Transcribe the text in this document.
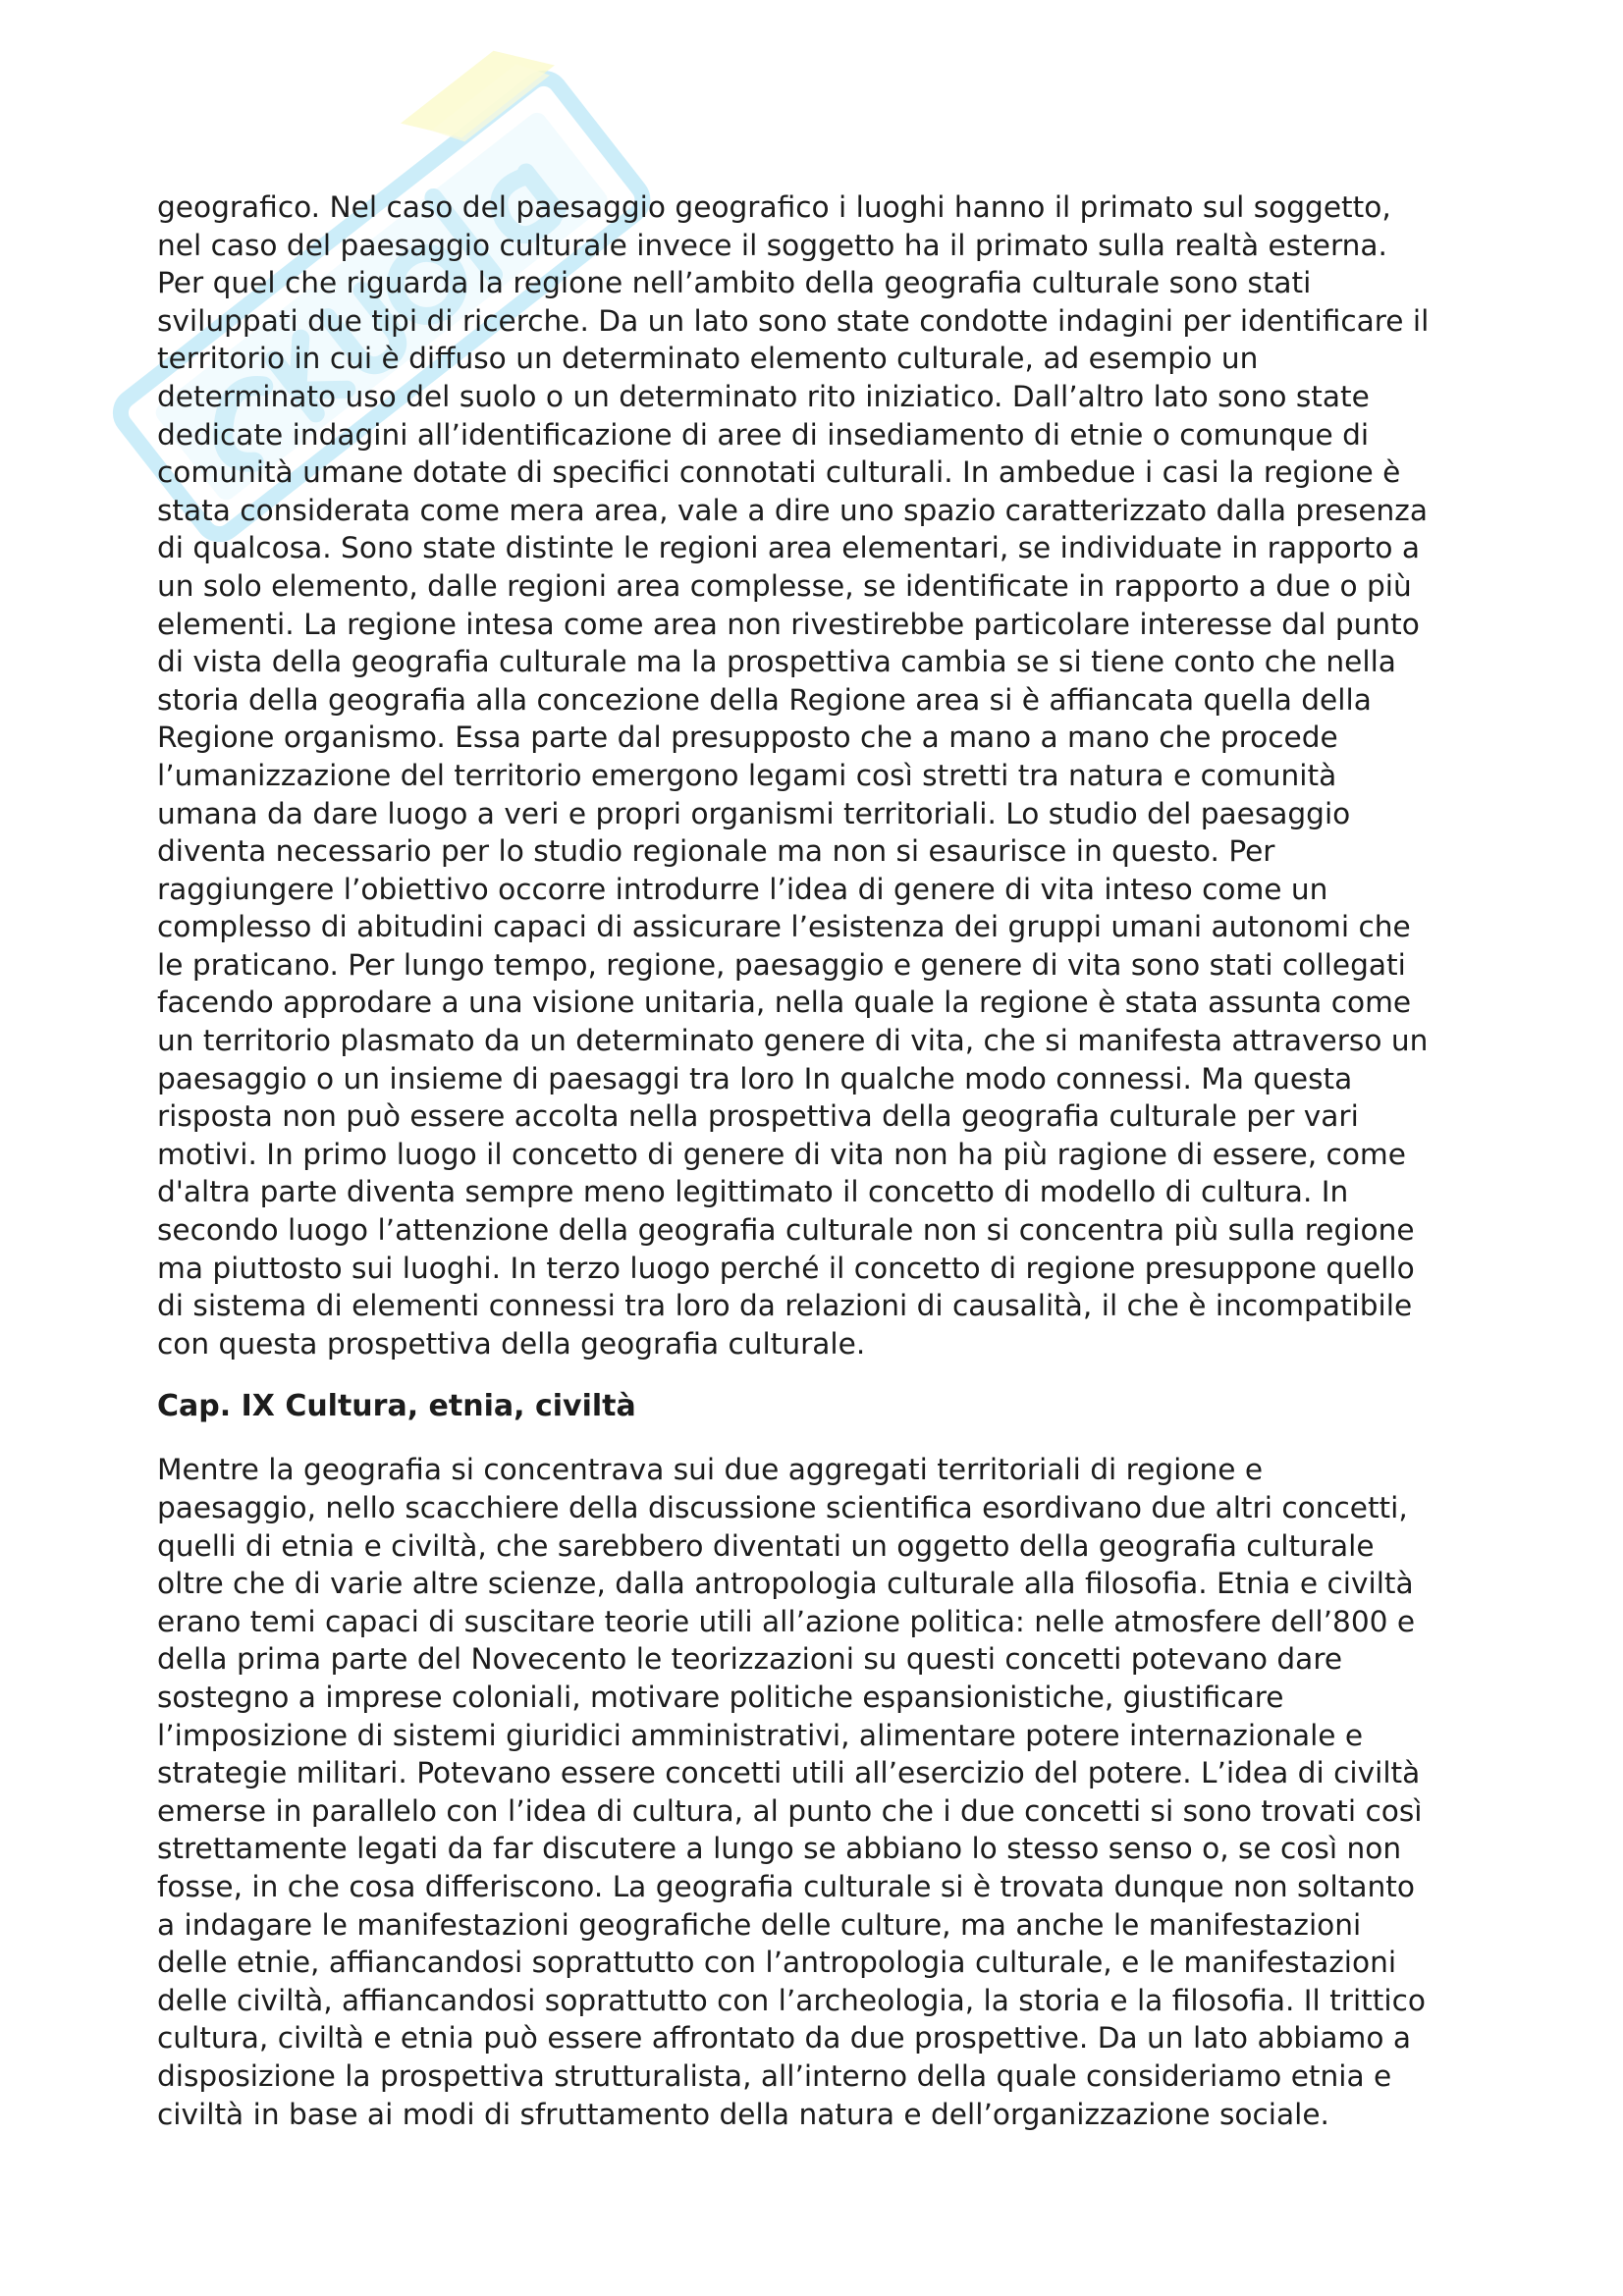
geografico. Nel caso del paesaggio geografico i luoghi hanno il primato sul soggetto,
nel caso del paesaggio culturale invece il soggetto ha il primato sulla realtà esterna.
Per quel che riguarda la regione nell’ambito della geografia culturale sono stati
sviluppati due tipi di ricerche. Da un lato sono state condotte indagini per identificare il
territorio in cui è diffuso un determinato elemento culturale, ad esempio un
determinato uso del suolo o un determinato rito iniziatico. Dall’altro lato sono state
dedicate indagini all’identificazione di aree di insediamento di etnie o comunque di
comunità umane dotate di specifici connotati culturali. In ambedue i casi la regione è
stata considerata come mera area, vale a dire uno spazio caratterizzato dalla presenza
di qualcosa. Sono state distinte le regioni area elementari, se individuate in rapporto a
un solo elemento, dalle regioni area complesse, se identificate in rapporto a due o più
elementi. La regione intesa come area non rivestirebbe particolare interesse dal punto
di vista della geografia culturale ma la prospettiva cambia se si tiene conto che nella
storia della geografia alla concezione della Regione area si è affiancata quella della
Regione organismo. Essa parte dal presupposto che a mano a mano che procede
l’umanizzazione del territorio emergono legami così stretti tra natura e comunità
umana da dare luogo a veri e propri organismi territoriali. Lo studio del paesaggio
diventa necessario per lo studio regionale ma non si esaurisce in questo. Per
raggiungere l’obiettivo occorre introdurre l’idea di genere di vita inteso come un
complesso di abitudini capaci di assicurare l’esistenza dei gruppi umani autonomi che
le praticano. Per lungo tempo, regione, paesaggio e genere di vita sono stati collegati
facendo approdare a una visione unitaria, nella quale la regione è stata assunta come
un territorio plasmato da un determinato genere di vita, che si manifesta attraverso un
paesaggio o un insieme di paesaggi tra loro In qualche modo connessi. Ma questa
risposta non può essere accolta nella prospettiva della geografia culturale per vari
motivi. In primo luogo il concetto di genere di vita non ha più ragione di essere, come
d'altra parte diventa sempre meno legittimato il concetto di modello di cultura. In
secondo luogo l’attenzione della geografia culturale non si concentra più sulla regione
ma piuttosto sui luoghi. In terzo luogo perché il concetto di regione presuppone quello
di sistema di elementi connessi tra loro da relazioni di causalità, il che è incompatibile
con questa prospettiva della geografia culturale.

Cap. IX Cultura, etnia, civiltà

Mentre la geografia si concentrava sui due aggregati territoriali di regione e
paesaggio, nello scacchiere della discussione scientifica esordivano due altri concetti,
quelli di etnia e civiltà, che sarebbero diventati un oggetto della geografia culturale
oltre che di varie altre scienze, dalla antropologia culturale alla filosofia. Etnia e civiltà
erano temi capaci di suscitare teorie utili all’azione politica: nelle atmosfere dell’800 e
della prima parte del Novecento le teorizzazioni su questi concetti potevano dare
sostegno a imprese coloniali, motivare politiche espansionistiche, giustificare
l’imposizione di sistemi giuridici amministrativi, alimentare potere internazionale e
strategie militari. Potevano essere concetti utili all’esercizio del potere. L’idea di civiltà
emerse in parallelo con l’idea di cultura, al punto che i due concetti si sono trovati così
strettamente legati da far discutere a lungo se abbiano lo stesso senso o, se così non
fosse, in che cosa differiscono. La geografia culturale si è trovata dunque non soltanto
a indagare le manifestazioni geografiche delle culture, ma anche le manifestazioni
delle etnie, affiancandosi soprattutto con l’antropologia culturale, e le manifestazioni
delle civiltà, affiancandosi soprattutto con l’archeologia, la storia e la filosofia. Il trittico
cultura, civiltà e etnia può essere affrontato da due prospettive. Da un lato abbiamo a
disposizione la prospettiva strutturalista, all’interno della quale consideriamo etnia e
civiltà in base ai modi di sfruttamento della natura e dell’organizzazione sociale.
